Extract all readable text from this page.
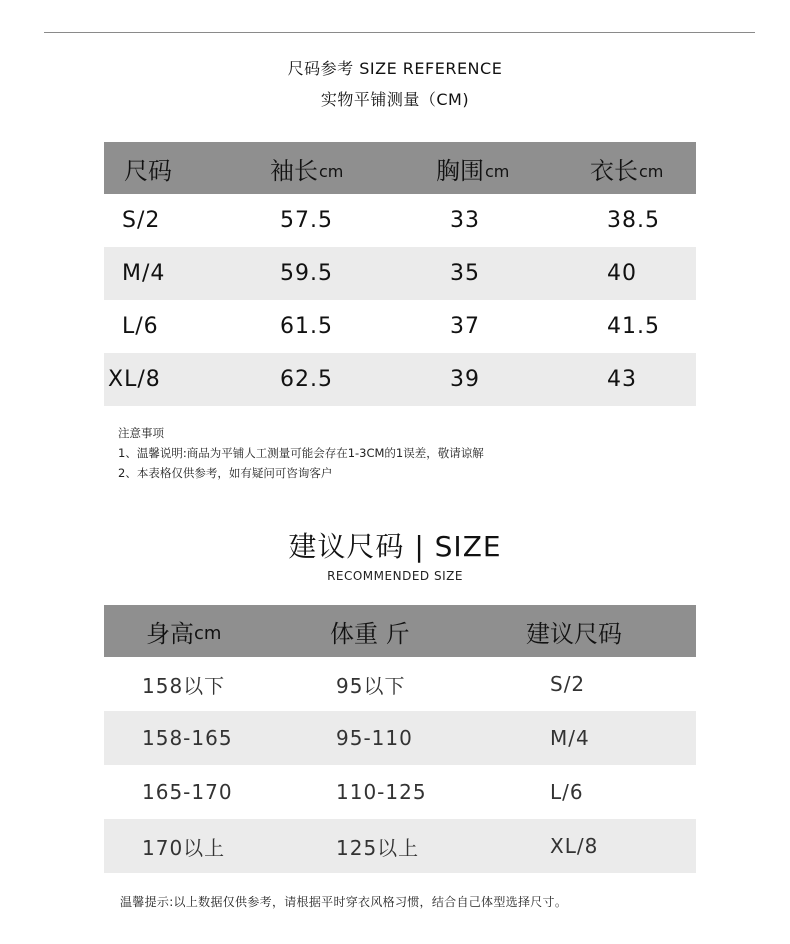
尺码参考 SIZE REFERENCE
实物平铺测量（CM)
尺码	袖长 cm	胸围 cm	衣长 cm
S/2	57.5	33	38.5
M/4	59.5	35	40
L/6	61.5	37	41.5
XL/8	62.5	39	43
注意事项
1、温馨说明:商品为平铺人工测量可能会存在1-3CM的1误差，敬请谅解
2、本表格仅供参考，如有疑问可咨询客户
建议尺码 | SIZE
RECOMMENDED SIZE
身高 cm	体重 斤	建议尺码
158以下	95以下	S/2
158-165	95-110	M/4
165-170	110-125	L/6
170以上	125以上	XL/8
温馨提示:以上数据仅供参考，请根据平时穿衣风格习惯，结合自己体型选择尺寸。
